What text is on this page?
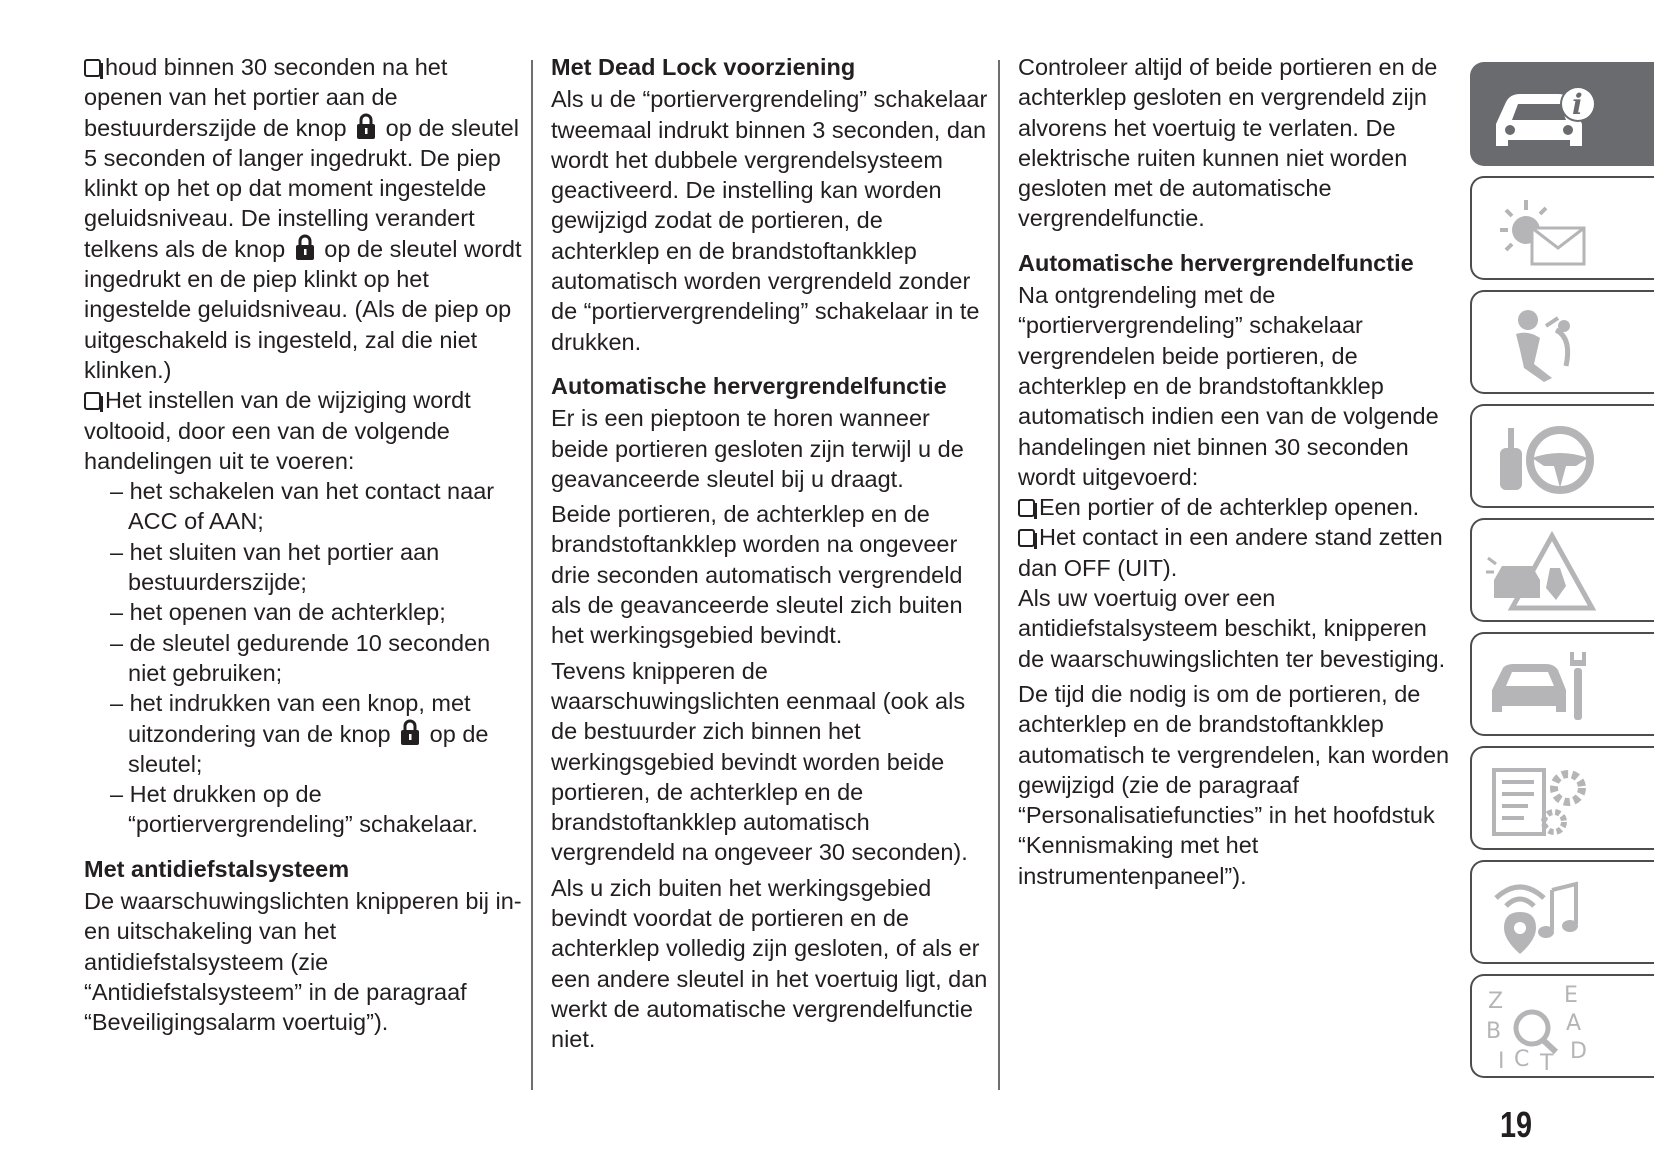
houd binnen 30 seconden na het openen van het portier aan de bestuurderszijde de knop op de sleutel 5 seconden of langer ingedrukt. De piep klinkt op het op dat moment ingestelde geluidsniveau. De instelling verandert telkens als de knop op de sleutel wordt ingedrukt en de piep klinkt op het ingestelde geluidsniveau. (Als de piep op uitgeschakeld is ingesteld, zal die niet klinken.)

Het instellen van de wijziging wordt voltooid, door een van de volgende handelingen uit te voeren:

– het schakelen van het contact naar ACC of AAN;
– het sluiten van het portier aan bestuurderszijde;
– het openen van de achterklep;
– de sleutel gedurende 10 seconden niet gebruiken;
– het indrukken van een knop, met uitzondering van de knop op de sleutel;
– Het drukken op de “portiervergrendeling” schakelaar.

Met antidiefstalsysteem

De waarschuwingslichten knipperen bij in- en uitschakeling van het antidiefstalsysteem (zie “Antidiefstalsysteem” in de paragraaf “Beveiligingsalarm voertuig”).

Met Dead Lock voorziening

Als u de “portiervergrendeling” schakelaar tweemaal indrukt binnen 3 seconden, dan wordt het dubbele vergrendelsysteem geactiveerd. De instelling kan worden gewijzigd zodat de portieren, de achterklep en de brandstoftankklep automatisch worden vergrendeld zonder de “portiervergrendeling” schakelaar in te drukken.

Automatische hervergrendelfunctie

Er is een pieptoon te horen wanneer beide portieren gesloten zijn terwijl u de geavanceerde sleutel bij u draagt.

Beide portieren, de achterklep en de brandstoftankklep worden na ongeveer drie seconden automatisch vergrendeld als de geavanceerde sleutel zich buiten het werkingsgebied bevindt.

Tevens knipperen de waarschuwingslichten eenmaal (ook als de bestuurder zich binnen het werkingsgebied bevindt worden beide portieren, de achterklep en de brandstoftankklep automatisch vergrendeld na ongeveer 30 seconden).

Als u zich buiten het werkingsgebied bevindt voordat de portieren en de achterklep volledig zijn gesloten, of als er een andere sleutel in het voertuig ligt, dan werkt de automatische vergrendelfunctie niet.

Controleer altijd of beide portieren en de achterklep gesloten en vergrendeld zijn alvorens het voertuig te verlaten. De elektrische ruiten kunnen niet worden gesloten met de automatische vergrendelfunctie.

Automatische hervergrendelfunctie

Na ontgrendeling met de “portiervergrendeling” schakelaar vergrendelen beide portieren, de achterklep en de brandstoftankklep automatisch indien een van de volgende handelingen niet binnen 30 seconden wordt uitgevoerd:

Een portier of de achterklep openen.

Het contact in een andere stand zetten dan OFF (UIT).

Als uw voertuig over een antidiefstalsysteem beschikt, knipperen de waarschuwingslichten ter bevestiging.

De tijd die nodig is om de portieren, de achterklep en de brandstoftankklep automatisch te vergrendelen, kan worden gewijzigd (zie de paragraaf “Personalisatiefuncties” in het hoofdstuk “Kennismaking met het instrumentenpaneel”).

i
Z	E
A
B
D
I C T
19
